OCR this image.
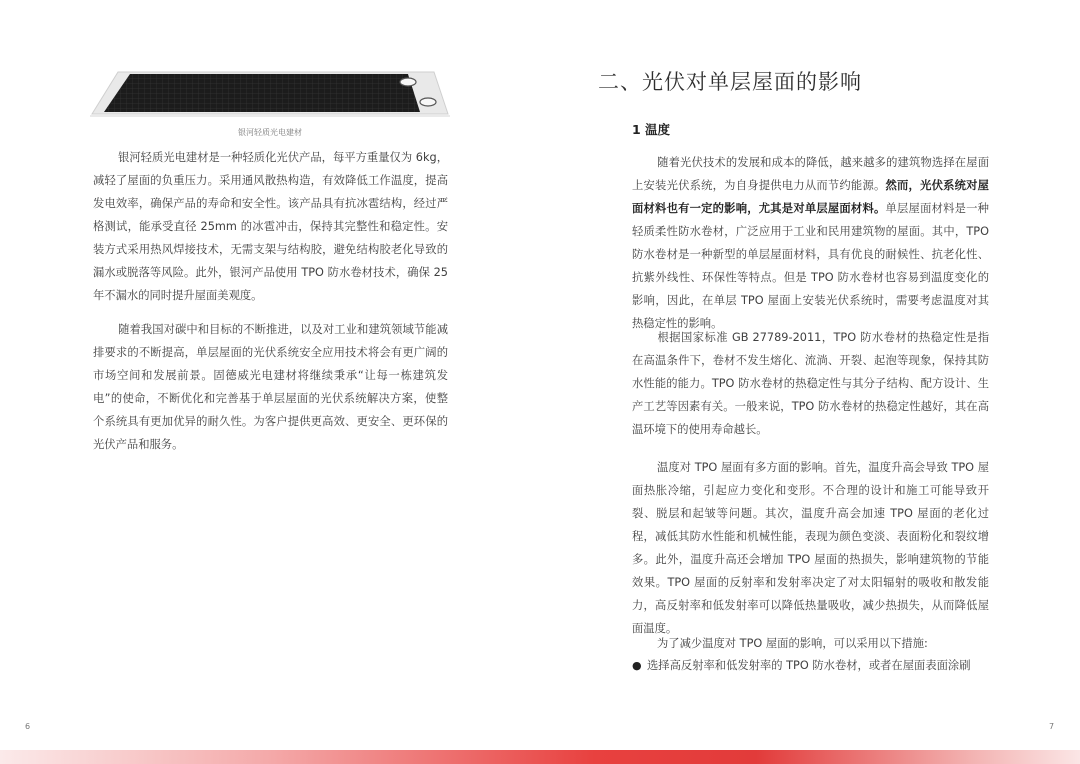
银河轻质光电建材

银河轻质光电建材是一种轻质化光伏产品，每平方重量仅为 6kg，减轻了屋面的负重压力。采用通风散热构造，有效降低工作温度，提高发电效率，确保产品的寿命和安全性。该产品具有抗冰雹结构，经过严格测试，能承受直径 25mm 的冰雹冲击，保持其完整性和稳定性。安装方式采用热风焊接技术，无需支架与结构胶，避免结构胶老化导致的漏水或脱落等风险。此外，银河产品使用 TPO 防水卷材技术，确保 25 年不漏水的同时提升屋面美观度。

随着我国对碳中和目标的不断推进，以及对工业和建筑领域节能减排要求的不断提高，单层屋面的光伏系统安全应用技术将会有更广阔的市场空间和发展前景。固德威光电建材将继续秉承“让每一栋建筑发电”的使命，不断优化和完善基于单层屋面的光伏系统解决方案，使整个系统具有更加优异的耐久性。为客户提供更高效、更安全、更环保的光伏产品和服务。

6
二、光伏对单层屋面的影响
1 温度

随着光伏技术的发展和成本的降低，越来越多的建筑物选择在屋面上安装光伏系统，为自身提供电力从而节约能源。然而，光伏系统对屋面材料也有一定的影响，尤其是对单层屋面材料。单层屋面材料是一种轻质柔性防水卷材，广泛应用于工业和民用建筑物的屋面。其中，TPO 防水卷材是一种新型的单层屋面材料，具有优良的耐候性、抗老化性、抗紫外线性、环保性等特点。但是 TPO 防水卷材也容易到温度变化的影响，因此，在单层 TPO 屋面上安装光伏系统时，需要考虑温度对其热稳定性的影响。

根据国家标准 GB 27789-2011，TPO 防水卷材的热稳定性是指在高温条件下，卷材不发生熔化、流淌、开裂、起泡等现象，保持其防水性能的能力。TPO 防水卷材的热稳定性与其分子结构、配方设计、生产工艺等因素有关。一般来说，TPO 防水卷材的热稳定性越好，其在高温环境下的使用寿命越长。

温度对 TPO 屋面有多方面的影响。首先，温度升高会导致 TPO 屋面热胀冷缩，引起应力变化和变形。不合理的设计和施工可能导致开裂、脱层和起皱等问题。其次，温度升高会加速 TPO 屋面的老化过程，减低其防水性能和机械性能，表现为颜色变淡、表面粉化和裂纹增多。此外，温度升高还会增加 TPO 屋面的热损失，影响建筑物的节能效果。TPO 屋面的反射率和发射率决定了对太阳辐射的吸收和散发能力，高反射率和低发射率可以降低热量吸收，减少热损失，从而降低屋面温度。

为了减少温度对 TPO 屋面的影响，可以采用以下措施:

● 选择高反射率和低发射率的 TPO 防水卷材，或者在屋面表面涂刷

7
